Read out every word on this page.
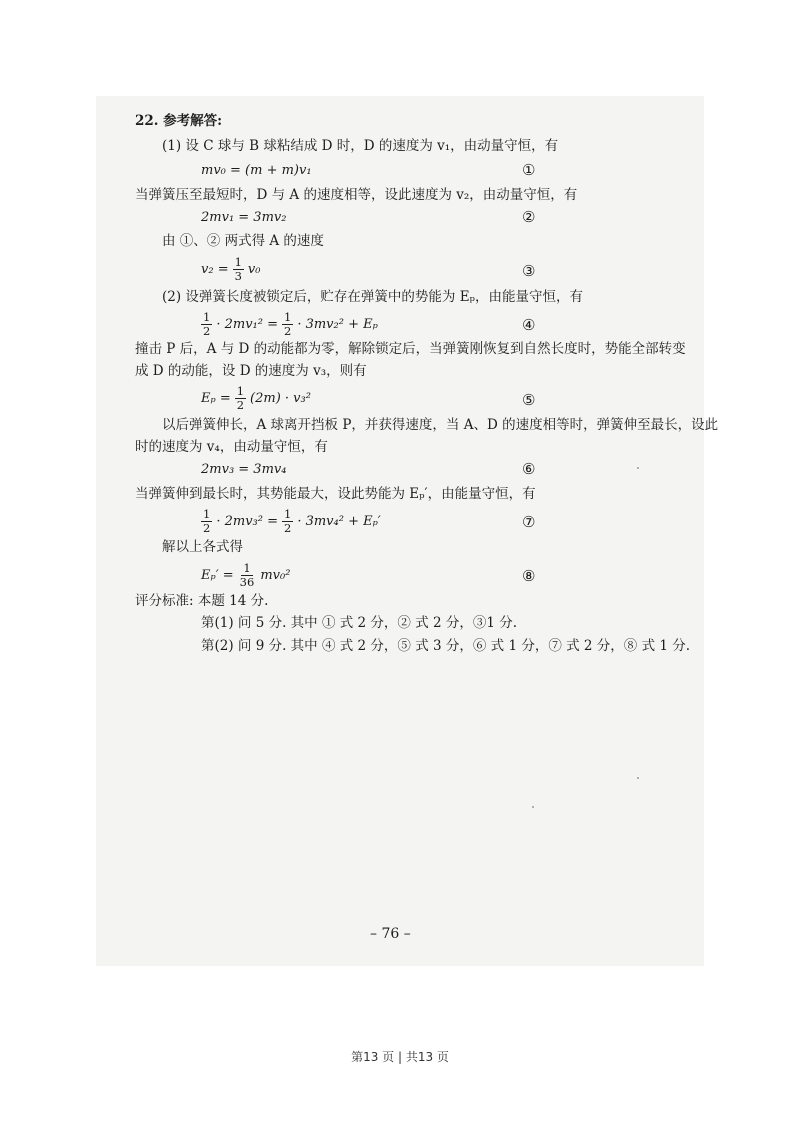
22. 参考解答:
(1) 设 C 球与 B 球粘结成 D 时，D 的速度为 v₁，由动量守恒，有
mv₀ = (m + m)v₁	①
当弹簧压至最短时，D 与 A 的速度相等，设此速度为 v₂，由动量守恒，有
2mv₁ = 3mv₂	②
由 ①、② 两式得 A 的速度
$v_2 = \frac{1}{3} v_0$	③
(2) 设弹簧长度被锁定后，贮存在弹簧中的势能为 Eₚ，由能量守恒，有
$\frac{1}{2} \cdot 2mv_1^2 = \frac{1}{2} \cdot 3mv_2^2 + E_p$	④
撞击 P 后，A 与 D 的动能都为零，解除锁定后，当弹簧刚恢复到自然长度时，势能全部转变
成 D 的动能，设 D 的速度为 v₃，则有
$E_p = \frac{1}{2} (2m) \cdot v_3^2$	⑤
以后弹簧伸长，A 球离开挡板 P，并获得速度，当 A、D 的速度相等时，弹簧伸至最长，设此
时的速度为 v₄，由动量守恒，有
2mv₃ = 3mv₄	⑥
当弹簧伸到最长时，其势能最大，设此势能为 Eₚ′，由能量守恒，有
$\frac{1}{2} \cdot 2mv_3^2 = \frac{1}{2} \cdot 3mv_4^2 + E_p'$	⑦
解以上各式得
$E_p' = \frac{1}{36} mv_0^2$	⑧
评分标准: 本题 14 分.
第(1) 问 5 分. 其中 ① 式 2 分，② 式 2 分，③1 分.
第(2) 问 9 分. 其中 ④ 式 2 分，⑤ 式 3 分，⑥ 式 1 分，⑦ 式 2 分，⑧ 式 1 分.
– 76 –
第13 页 | 共13 页
